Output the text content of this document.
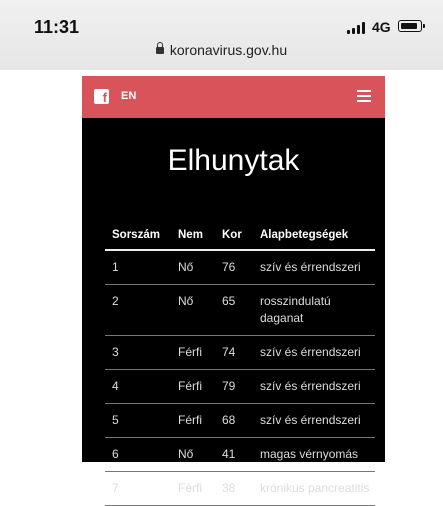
11:31	4G
koronavirus.gov.hu
f EN
Elhunytak
Sorszám	Nem	Kor	Alapbetegségek
1	Nő	76	szív és érrendszeri
2	Nő	65	rosszindulatú daganat
3	Férfi	74	szív és érrendszeri
4	Férfi	79	szív és érrendszeri
5	Férfi	68	szív és érrendszeri
6	Nő	41	magas vérnyomás
7	Férfi	38	krónikus pancreatitis
